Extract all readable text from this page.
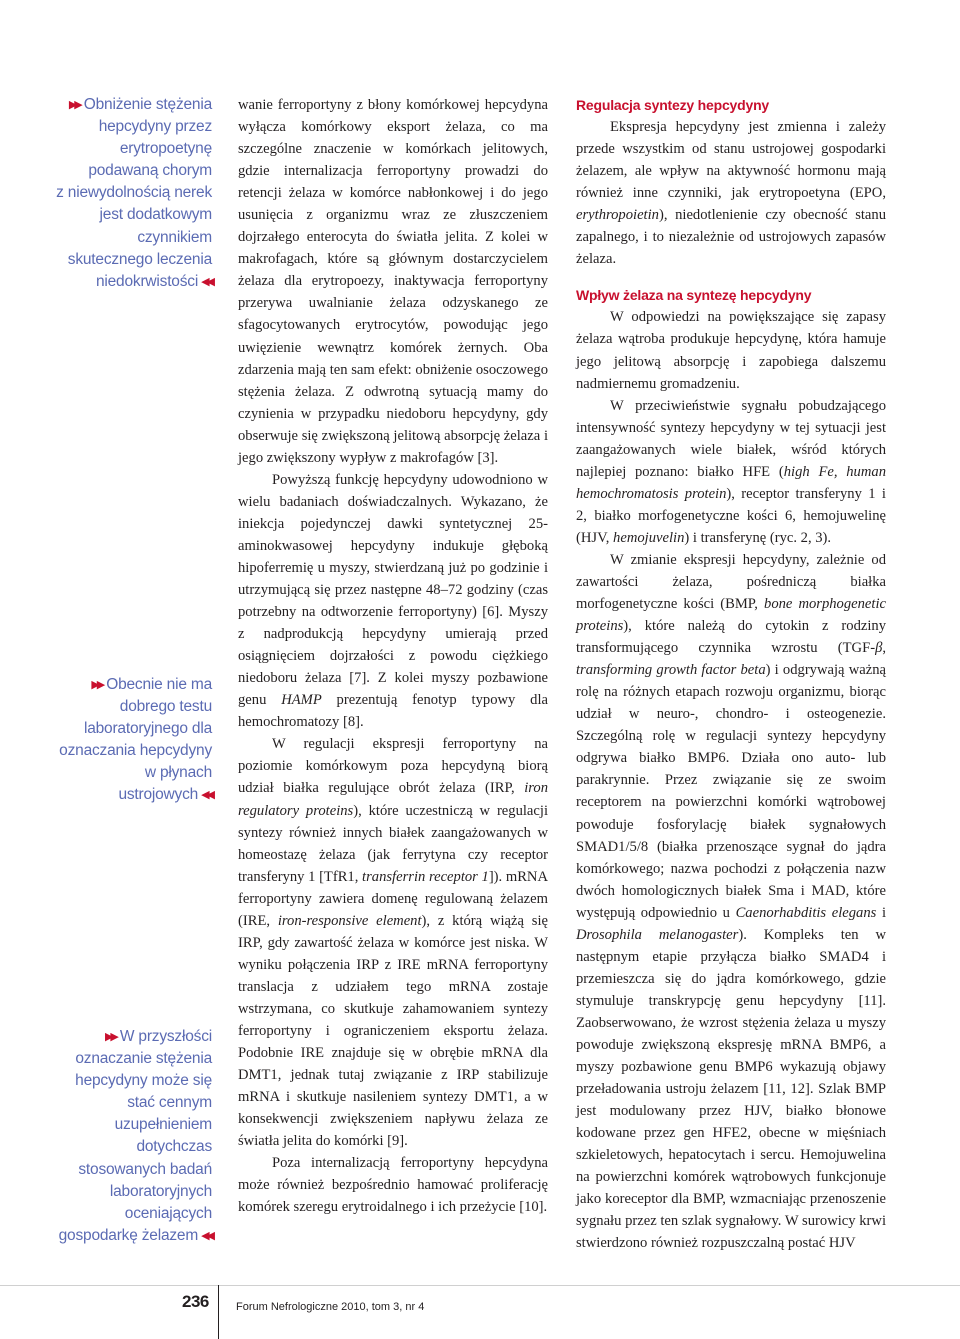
▶▶ Obniżenie stężenia
hepcydyny przez
erytropoetynę
podawaną chorym
z niewydolnością nerek
jest dodatkowym
czynnikiem
skutecznego leczenia
niedokrwistości ◀◀
▶▶ Obecnie nie ma
dobrego testu
laboratoryjnego dla
oznaczania hepcydyny
w płynach
ustrojowych ◀◀
▶▶ W przyszłości
oznaczanie stężenia
hepcydyny może się
stać cennym
uzupełnieniem
dotychczas
stosowanych badań
laboratoryjnych
oceniających
gospodarkę żelazem ◀◀

wanie ferroportyny z błony komórkowej hepcydyna wyłącza komórkowy eksport żelaza, co ma szczególne znaczenie w komórkach jelitowych, gdzie internalizacja ferroportyny prowadzi do retencji żelaza w komórce nabłonkowej i do jego usunięcia z organizmu wraz ze złuszczeniem dojrzałego enterocyta do światła jelita. Z kolei w makrofagach, które są głównym dostarczycielem żelaza dla erytropoezy, inaktywacja ferroportyny przerywa uwalnianie żelaza odzyskanego ze sfagocytowanych erytrocytów, powodując jego uwięzienie wewnątrz komórek żernych. Oba zdarzenia mają ten sam efekt: obniżenie osoczowego stężenia żelaza. Z odwrotną sytuacją mamy do czynienia w przypadku niedoboru hepcydyny, gdy obserwuje się zwiększoną jelitową absorpcję żelaza i jego zwiększony wypływ z makrofagów [3].

Powyższą funkcję hepcydyny udowodniono w wielu badaniach doświadczalnych. Wykazano, że iniekcja pojedynczej dawki syntetycznej 25-aminokwasowej hepcydyny indukuje głęboką hipoferremię u myszy, stwierdzaną już po godzinie i utrzymującą się przez następne 48–72 godziny (czas potrzebny na odtworzenie ferroportyny) [6]. Myszy z nadprodukcją hepcydyny umierają przed osiągnięciem dojrzałości z powodu ciężkiego niedoboru żelaza [7]. Z kolei myszy pozbawione genu HAMP prezentują fenotyp typowy dla hemochromatozy [8].

W regulacji ekspresji ferroportyny na poziomie komórkowym poza hepcydyną biorą udział białka regulujące obrót żelaza (IRP, iron regulatory proteins), które uczestniczą w regulacji syntezy również innych białek zaangażowanych w homeostazę żelaza (jak ferrytyna czy receptor transferyny 1 [TfR1, transferrin receptor 1]). mRNA ferroportyny zawiera domenę regulowaną żelazem (IRE, iron-responsive element), z którą wiążą się IRP, gdy zawartość żelaza w komórce jest niska. W wyniku połączenia IRP z IRE mRNA ferroportyny translacja z udziałem tego mRNA zostaje wstrzymana, co skutkuje zahamowaniem syntezy ferroportyny i ograniczeniem eksportu żelaza. Podobnie IRE znajduje się w obrębie mRNA dla DMT1, jednak tutaj związanie z IRP stabilizuje mRNA i skutkuje nasileniem syntezy DMT1, a w konsekwencji zwiększeniem napływu żelaza ze światła jelita do komórki [9].

Poza internalizacją ferroportyny hepcydyna może również bezpośrednio hamować proliferację komórek szeregu erytroidalnego i ich przeżycie [10].

Regulacja syntezy hepcydyny

Ekspresja hepcydyny jest zmienna i zależy przede wszystkim od stanu ustrojowej gospodarki żelazem, ale wpływ na aktywność hormonu mają również inne czynniki, jak erytropoetyna (EPO, erythropoietin), niedotlenienie czy obecność stanu zapalnego, i to niezależnie od ustrojowych zapasów żelaza.

Wpływ żelaza na syntezę hepcydyny

W odpowiedzi na powiększające się zapasy żelaza wątroba produkuje hepcydynę, która hamuje jego jelitową absorpcję i zapobiega dalszemu nadmiernemu gromadzeniu.

W przeciwieństwie sygnału pobudzającego intensywność syntezy hepcydyny w tej sytuacji jest zaangażowanych wiele białek, wśród których najlepiej poznano: białko HFE (high Fe, human hemochromatosis protein), receptor transferyny 1 i 2, białko morfogenetyczne kości 6, hemojuwelinę (HJV, hemojuvelin) i transferynę (ryc. 2, 3).

W zmianie ekspresji hepcydyny, zależnie od zawartości żelaza, pośredniczą białka morfogenetyczne kości (BMP, bone morphogenetic proteins), które należą do cytokin z rodziny transformującego czynnika wzrostu (TGF-β, transforming growth factor beta) i odgrywają ważną rolę na różnych etapach rozwoju organizmu, biorąc udział w neuro-, chondro- i osteogenezie. Szczególną rolę w regulacji syntezy hepcydyny odgrywa białko BMP6. Działa ono auto- lub parakrynnie. Przez związanie się ze swoim receptorem na powierzchni komórki wątrobowej powoduje fosforylację białek sygnałowych SMAD1/5/8 (białka przenoszące sygnał do jądra komórkowego; nazwa pochodzi z połączenia nazw dwóch homologicznych białek Sma i MAD, które występują odpowiednio u Caenorhabditis elegans i Drosophila melanogaster). Kompleks ten w następnym etapie przyłącza białko SMAD4 i przemieszcza się do jądra komórkowego, gdzie stymuluje transkrypcję genu hepcydyny [11]. Zaobserwowano, że wzrost stężenia żelaza u myszy powoduje zwiększoną ekspresję mRNA BMP6, a myszy pozbawione genu BMP6 wykazują objawy przeładowania ustroju żelazem [11, 12]. Szlak BMP jest modulowany przez HJV, białko błonowe kodowane przez gen HFE2, obecne w mięśniach szkieletowych, hepatocytach i sercu. Hemojuwelina na powierzchni komórek wątrobowych funkcjonuje jako koreceptor dla BMP, wzmacniając przenoszenie sygnału przez ten szlak sygnałowy. W surowicy krwi stwierdzono również rozpuszczalną postać HJV

236 Forum Nefrologiczne 2010, tom 3, nr 4
